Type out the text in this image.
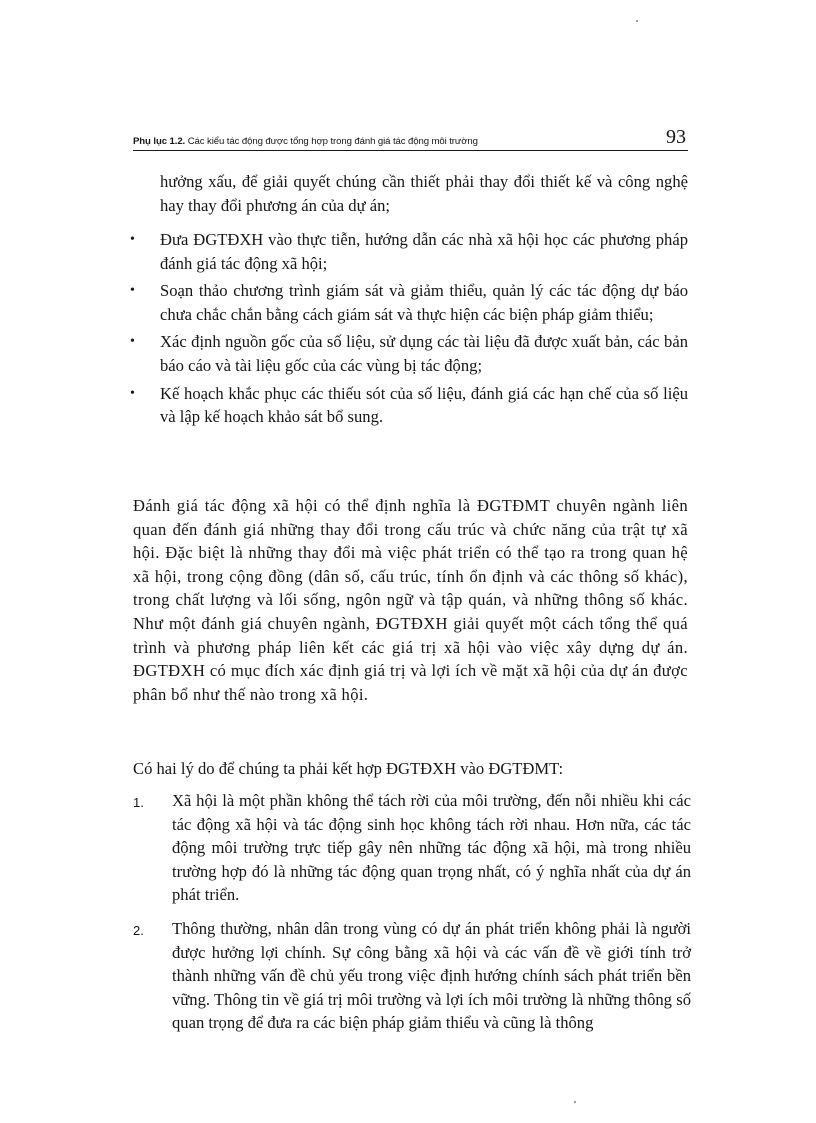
Phụ lục 1.2. Các kiểu tác động được tổng hợp trong đánh giá tác động môi trường	93

hưởng xấu, để giải quyết chúng cần thiết phải thay đổi thiết kế và công nghệ hay thay đổi phương án của dự án;

• Đưa ĐGTĐXH vào thực tiễn, hướng dẫn các nhà xã hội học các phương pháp đánh giá tác động xã hội;
• Soạn thảo chương trình giám sát và giảm thiểu, quản lý các tác động dự báo chưa chắc chắn bằng cách giám sát và thực hiện các biện pháp giảm thiểu;
• Xác định nguồn gốc của số liệu, sử dụng các tài liệu đã được xuất bản, các bản báo cáo và tài liệu gốc của các vùng bị tác động;
• Kế hoạch khắc phục các thiếu sót của số liệu, đánh giá các hạn chế của số liệu và lập kế hoạch khảo sát bổ sung.

Đánh giá tác động xã hội có thể định nghĩa là ĐGTĐMT chuyên ngành liên quan đến đánh giá những thay đổi trong cấu trúc và chức năng của trật tự xã hội. Đặc biệt là những thay đổi mà việc phát triển có thể tạo ra trong quan hệ xã hội, trong cộng đồng (dân số, cấu trúc, tính ổn định và các thông số khác), trong chất lượng và lối sống, ngôn ngữ và tập quán, và những thông số khác. Như một đánh giá chuyên ngành, ĐGTĐXH giải quyết một cách tổng thể quá trình và phương pháp liên kết các giá trị xã hội vào việc xây dựng dự án. ĐGTĐXH có mục đích xác định giá trị và lợi ích về mặt xã hội của dự án được phân bổ như thế nào trong xã hội.

Có hai lý do để chúng ta phải kết hợp ĐGTĐXH vào ĐGTĐMT:

1. Xã hội là một phần không thể tách rời của môi trường, đến nỗi nhiều khi các tác động xã hội và tác động sinh học không tách rời nhau. Hơn nữa, các tác động môi trường trực tiếp gây nên những tác động xã hội, mà trong nhiều trường hợp đó là những tác động quan trọng nhất, có ý nghĩa nhất của dự án phát triển.
2. Thông thường, nhân dân trong vùng có dự án phát triển không phải là người được hưởng lợi chính. Sự công bằng xã hội và các vấn đề về giới tính trở thành những vấn đề chủ yếu trong việc định hướng chính sách phát triển bền vững. Thông tin về giá trị môi trường và lợi ích môi trường là những thông số quan trọng để đưa ra các biện pháp giảm thiểu và cũng là thông
